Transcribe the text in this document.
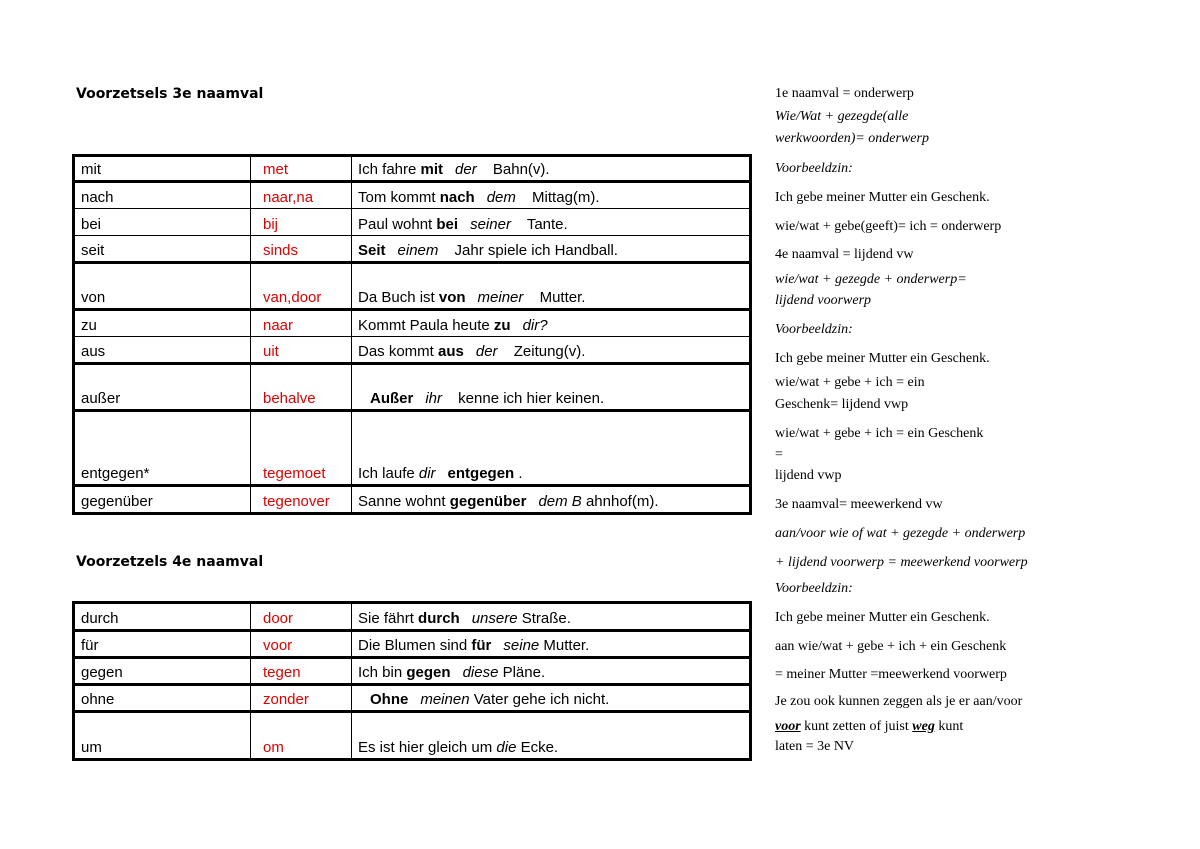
Voorzetsels 3e naamval
mit	met	Ich fahre mit der Bahn(v).
nach	naar,na	Tom kommt nach dem Mittag(m).
bei	bij	Paul wohnt bei seiner Tante.
seit	sinds	Seit einem Jahr spiele ich Handball.
von	van,door	Da Buch ist von meiner Mutter.
zu	naar	Kommt Paula heute zu dir?
aus	uit	Das kommt aus der Zeitung(v).
außer	behalve	Außer ihr kenne ich hier keinen.
entgegen*	tegemoet	Ich laufe dir entgegen .
gegenüber	tegenover	Sanne wohnt gegenüber dem B ahnhof(m).
Voorzetzels 4e naamval
durch	door	Sie fährt durch unsere Straße.
für	voor	Die Blumen sind für seine Mutter.
gegen	tegen	Ich bin gegen diese Pläne.
ohne	zonder	Ohne meinen Vater gehe ich nicht.
um	om	Es ist hier gleich um die Ecke.
1e naamval = onderwerp
Wie/Wat + gezegde(alle
werkwoorden)= onderwerp
Voorbeeldzin:
Ich gebe meiner Mutter ein Geschenk.
wie/wat + gebe(geeft)= ich = onderwerp
4e naamval = lijdend vw
wie/wat + gezegde + onderwerp=
lijdend voorwerp
Voorbeeldzin:
Ich gebe meiner Mutter ein Geschenk.
wie/wat + gebe + ich = ein
Geschenk= lijdend vwp
wie/wat + gebe + ich = ein Geschenk
=
lijdend vwp
3e naamval= meewerkend vw
aan/voor wie of wat + gezegde + onderwerp
+ lijdend voorwerp = meewerkend voorwerp
Voorbeeldzin:
Ich gebe meiner Mutter ein Geschenk.
aan wie/wat + gebe + ich + ein Geschenk
= meiner Mutter =meewerkend voorwerp
Je zou ook kunnen zeggen als je er aan/voor
voor kunt zetten of juist weg kunt
laten = 3e NV
